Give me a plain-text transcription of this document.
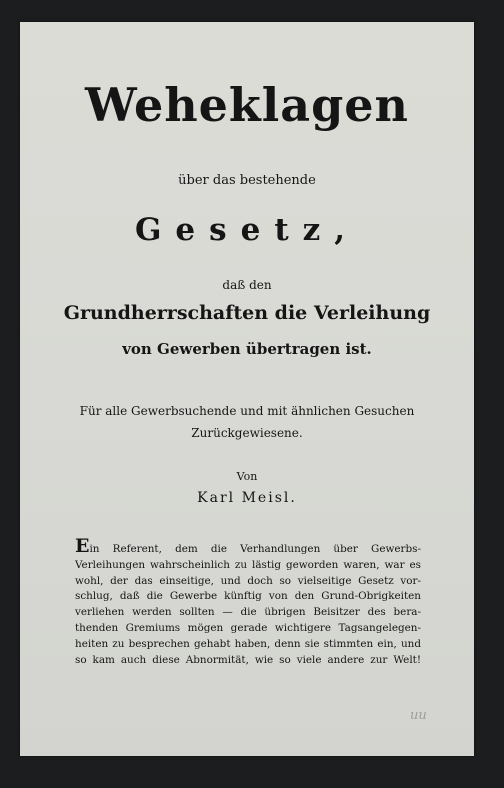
Weheklagen
über das bestehende
Gesetz,
daß den
Grundherrschaften die Verleihung
von Gewerben übertragen ist.
Für alle Gewerbsuchende und mit ähnlichen Gesuchen
Zurückgewiesene.
Von
Karl Meisl.
Ein Referent, dem die Verhandlungen über Gewerbs-
Verleihungen wahrscheinlich zu lästig geworden waren, war es
wohl, der das einseitige, und doch so vielseitige Gesetz vor-
schlug, daß die Gewerbe künftig von den Grund-Obrigkeiten
verliehen werden sollten — die übrigen Beisitzer des bera-
thenden Gremiums mögen gerade wichtigere Tagsangelegen-
heiten zu besprechen gehabt haben, denn sie stimmten ein, und
so kam auch diese Abnormität, wie so viele andere zur Welt!
uu
